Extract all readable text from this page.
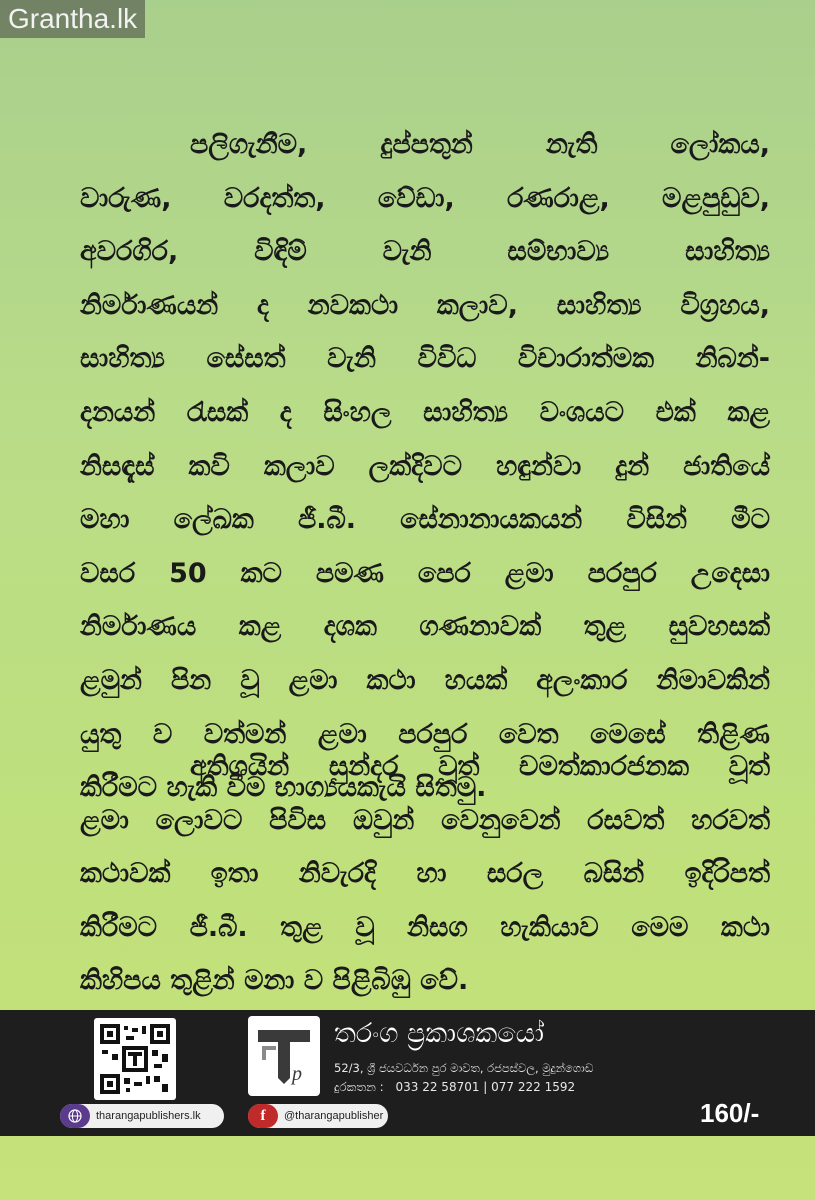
Grantha.lk
පලිගැනීම, දුප්පතුන් නැති ලෝකය,
වාරුණ, වරදත්ත, වේඩා, රණරාළ, මළපුඩුව,
අවරගිර, විඳිම් වැනි සම්භාව්‍ය සාහිත්‍ය
නිර්මාණයන් ද නවකථා කලාව, සාහිත්‍ය විග්‍රහය,
සාහිත්‍ය සේසත් වැනි විවිධ විචාරාත්මක නිබන්-
දනයන් රැසක් ද සිංහල සාහිත්‍ය වංශයට එක් කළ
නිසඳැස් කවි කලාව ලක්දිවට හඳුන්වා දුන් ජාතියේ
මහා ලේඛක ජී.බී. සේනානායකයන් විසින් මීට
වසර 50 කට පමණ පෙර ළමා පරපුර උදෙසා
නිර්මාණය කළ දශක ගණනාවක් තුළ සුවහසක්
ළමුන් පින වූ ළමා කථා හයක් අලංකාර නිමාවකින්
යුතු ව වත්මන් ළමා පරපුර වෙත මෙසේ තිළිණ
කිරීමට හැකි වීම භාග්‍යයකැයි සිතමු.
අතිශයින් සුන්දර වූත් චමත්කාරජනක වූත්
ළමා ලොවට පිවිස ඔවුන් වෙනුවෙන් රසවත් හරවත්
කථාවක් ඉතා නිවැරදි හා සරල බසින් ඉදිරිපත්
කිරීමට ජී.බී. තුළ වූ නිසග හැකියාව මෙම කථා
කිහිපය තුළින් මනා ව පිළිබිඹු වේ.
tharangapublishers.lk
p
තරංග ප්‍රකාශකයෝ
52/3, ශ්‍රී ජයවර්ධන පුර මාවත, රජපස්වල, මුදුන්ගොඩ
දුරකතන : 033 22 58701 | 077 222 1592
f	@tharangapublisher	160/-
